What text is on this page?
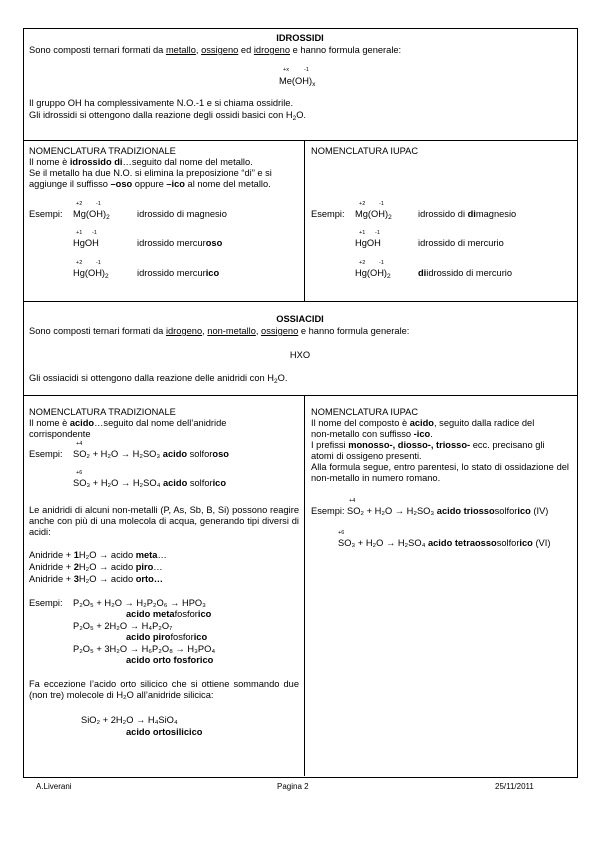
IDROSSIDI
Sono composti ternari formati da metallo, ossigeno ed idrogeno e hanno formula generale:
+x	-1
$Me(OH)_x$
Il gruppo OH ha complessivamente N.O.-1 e si chiama ossidrile.
Gli idrossidi si ottengono dalla reazione degli ossidi basici con $H_2O$.
NOMENCLATURA TRADIZIONALE
Il nome è idrossido di…seguito dal nome del metallo.
Se il metallo ha due N.O. si elimina la preposizione “di” e si
aggiunge il suffisso –oso oppure –ico al nome del metallo.
Esempi:
+2 -1
$Mg(OH)_2$	idrossido di magnesio
+1 -1
HgOH	idrossido mercuroso
+2 -1
$Hg(OH)_2$	idrossido mercurico
NOMENCLATURA IUPAC
Esempi:
+2 -1
$Mg(OH)_2$	idrossido di dimagnesio
+1 -1
HgOH	idrossido di mercurio
+2 -1
$Hg(OH)_2$	diidrossido di mercurio
OSSIACIDI
Sono composti ternari formati da idrogeno, non-metallo, ossigeno e hanno formula generale:
HXO
Gli ossiacidi si ottengono dalla reazione delle anidridi con $H_2O$.
NOMENCLATURA TRADIZIONALE
Il nome è acido…seguito dal nome dell’anidride
corrispondente
+4
Esempi: SO₂ + H₂O → H₂SO₃ acido solforoso
+6
SO₃ + H₂O → H₂SO₄ acido solforico
Le anidridi di alcuni non-metalli (P, As, Sb, B, Si) possono reagire anche con più di una molecola di acqua, generando tipi diversi di acidi:
Anidride + 1H₂O → acido meta…
Anidride + 2H₂O → acido piro…
Anidride + 3H₂O → acido orto…
Esempi: P₂O₅ + H₂O → H₂P₂O₆ → HPO₃
acido metafosforico
P₂O₅ + 2H₂O → H₄P₂O₇
acido pirofosforico
P₂O₅ + 3H₂O → H₆P₂O₈ → H₃PO₄
acido orto fosforico
Fa eccezione l’acido orto silicico che si ottiene sommando due (non tre) molecole di H₂O all’anidride silicica:
SiO₂ + 2H₂O → H₄SiO₄
acido ortosilicico
NOMENCLATURA IUPAC
Il nome del composto è acido, seguito dalla radice del
non-metallo con suffisso -ico.
I prefissi monosso-, diosso-, triosso- ecc. precisano gli
atomi di ossigeno presenti.
Alla formula segue, entro parentesi, lo stato di ossidazione del non-metallo in numero romano.
+4
Esempi: SO₂ + H₂O → H₂SO₃ acido triossosolforico (IV)
+6
SO₃ + H₂O → H₂SO₄ acido tetraossosolforico (VI)
A.Liverani	Pagina 2	25/11/2011
